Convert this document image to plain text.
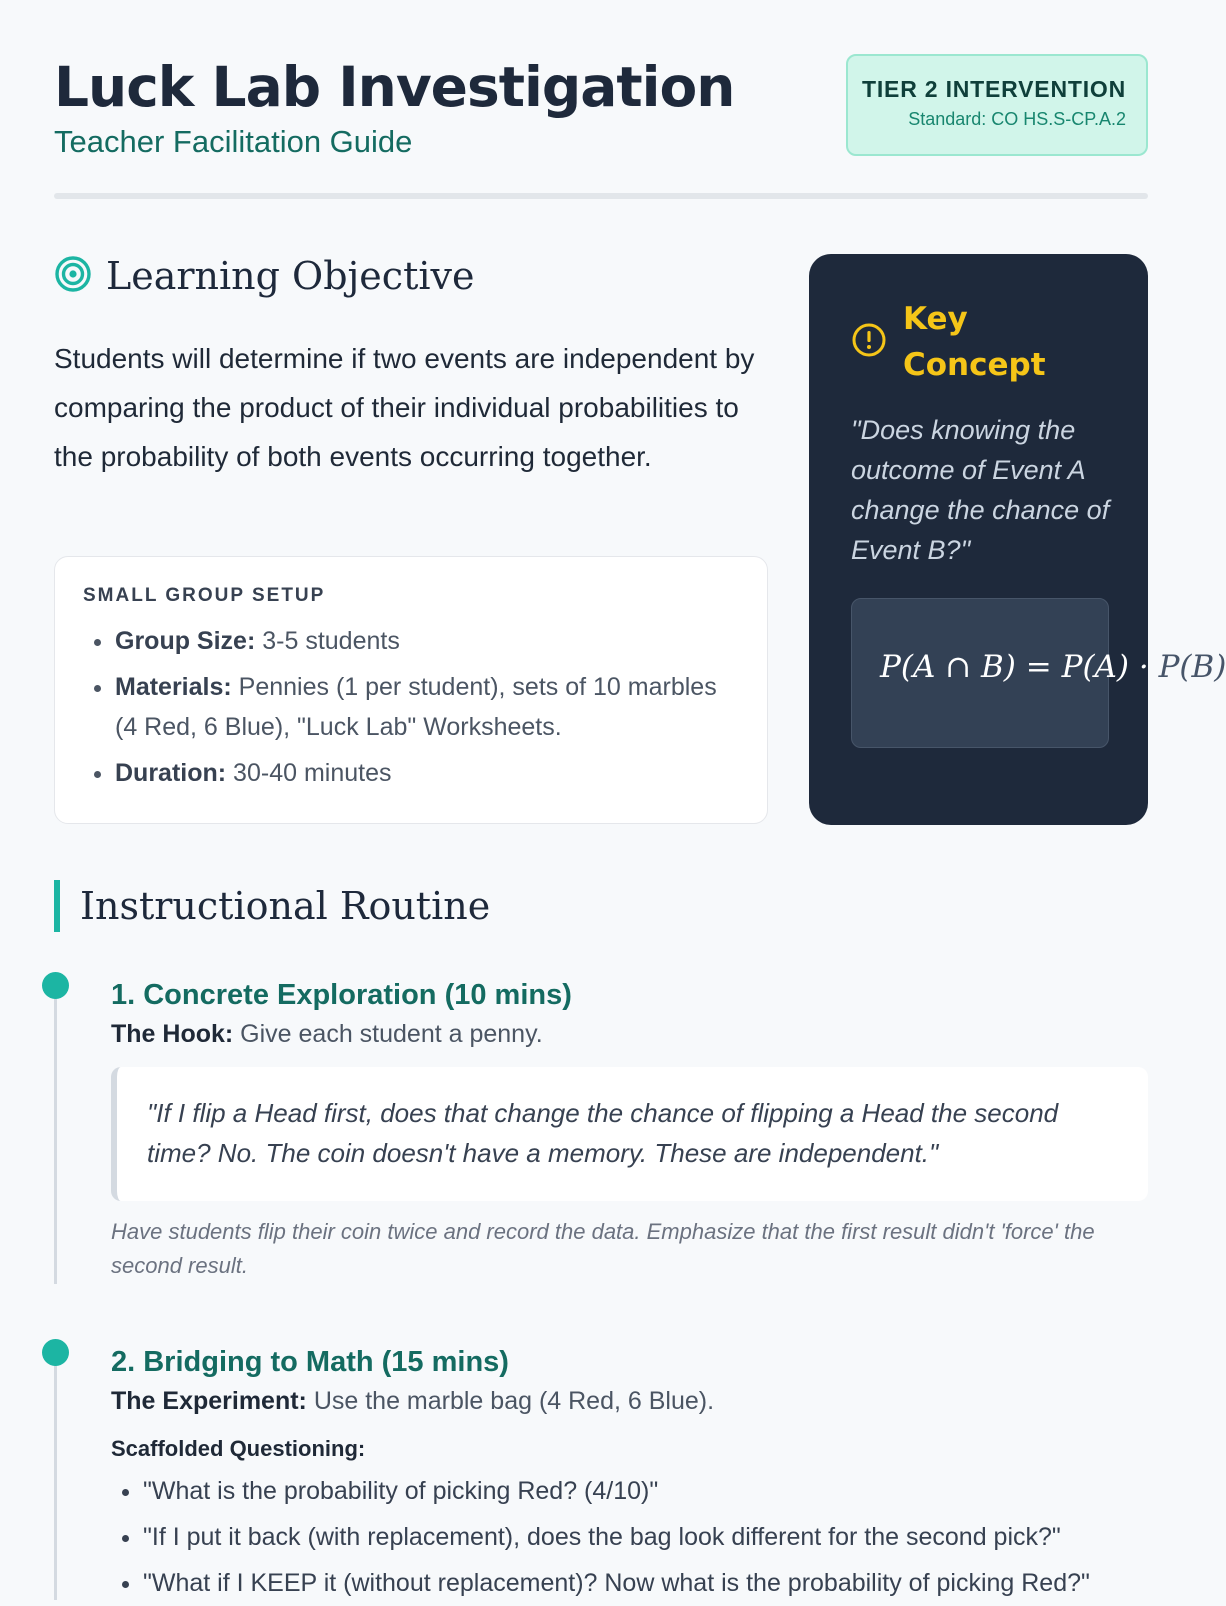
Luck Lab Investigation
Teacher Facilitation Guide
TIER 2 INTERVENTION
Standard: CO HS.S-CP.A.2
Learning Objective
Students will determine if two events are independent by comparing the product of their individual probabilities to the probability of both events occurring together.
SMALL GROUP SETUP
• Group Size: 3-5 students
• Materials: Pennies (1 per student), sets of 10 marbles (4 Red, 6 Blue), "Luck Lab" Worksheets.
• Duration: 30-40 minutes
Key Concept
"Does knowing the outcome of Event A change the chance of Event B?"
P(A ∩ B) = P(A) · P(B)
Instructional Routine
1. Concrete Exploration (10 mins)

The Hook: Give each student a penny.

"If I flip a Head first, does that change the chance of flipping a Head the second time? No. The coin doesn't have a memory. These are independent."
Have students flip their coin twice and record the data. Emphasize that the first result didn't 'force' the second result.
2. Bridging to Math (15 mins)

The Experiment: Use the marble bag (4 Red, 6 Blue).

Scaffolded Questioning:
• "What is the probability of picking Red? (4/10)"
• "If I put it back (with replacement), does the bag look different for the second pick?"
• "What if I KEEP it (without replacement)? Now what is the probability of picking Red?"
